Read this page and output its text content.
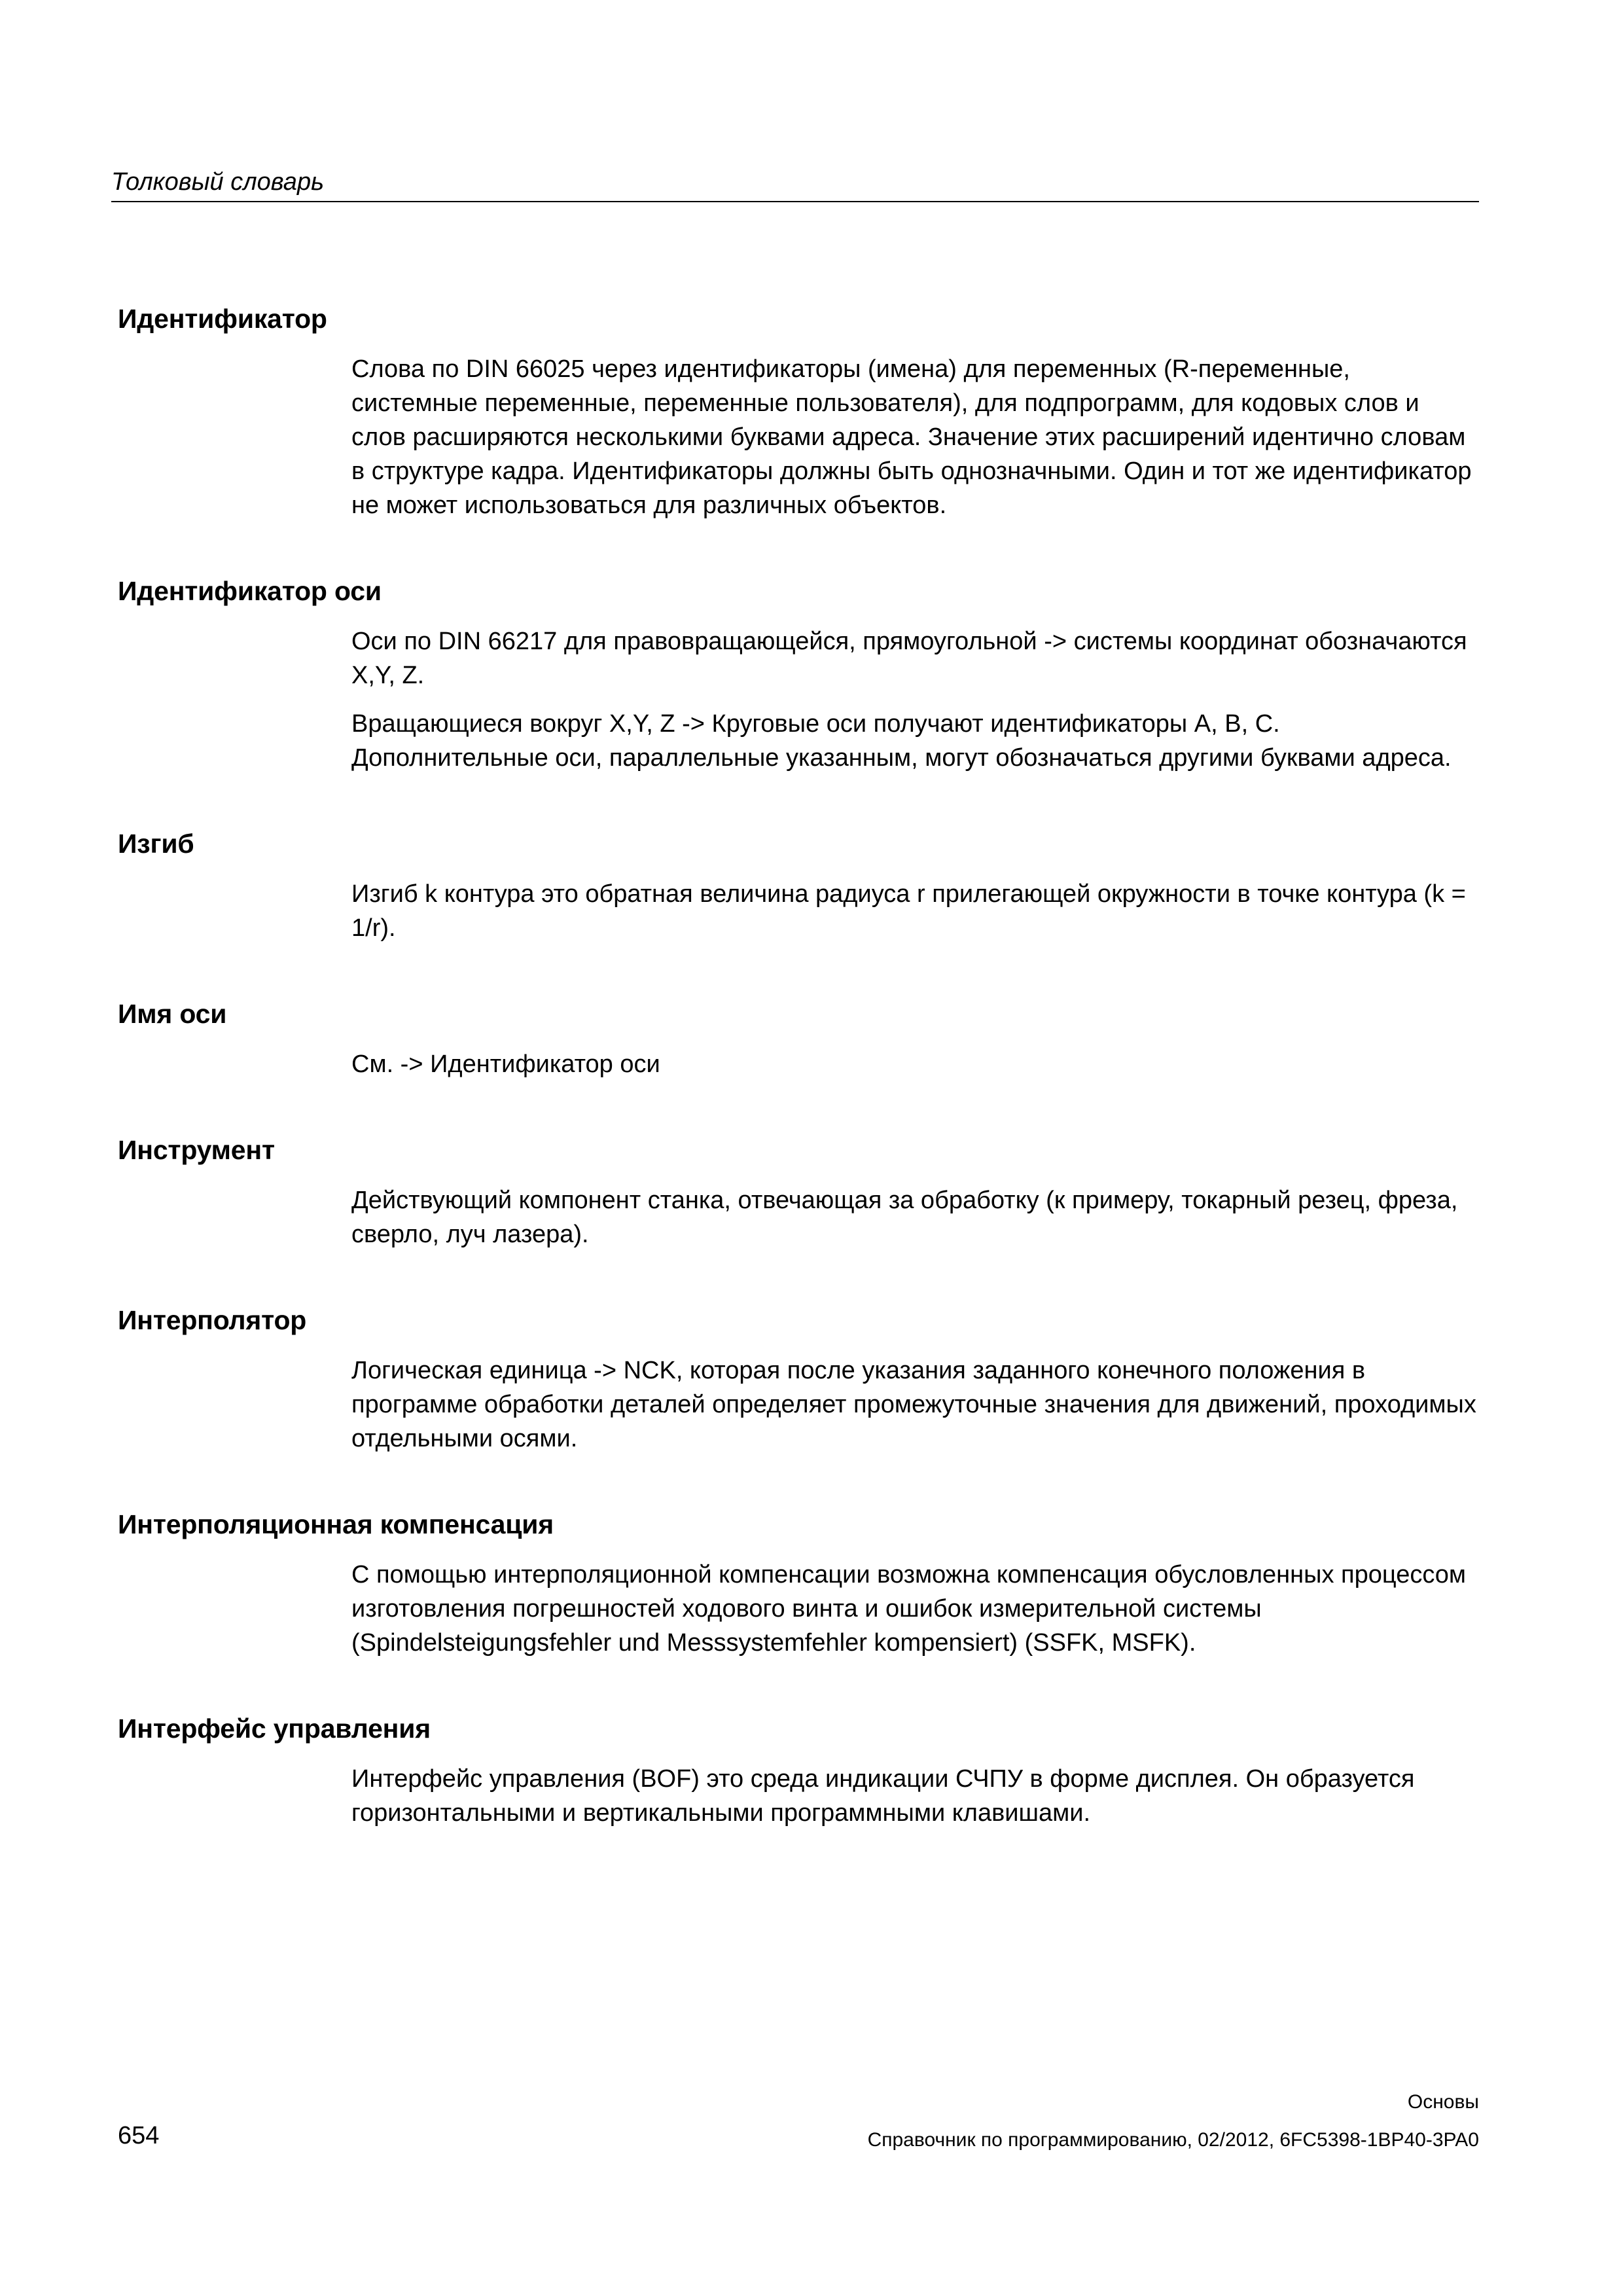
Толковый словарь
Идентификатор

Слова по DIN 66025 через идентификаторы (имена) для переменных (R-переменные, системные переменные, переменные пользователя), для подпрограмм, для кодовых слов и слов расширяются несколькими буквами адреса. Значение этих расширений идентично словам в структуре кадра. Идентификаторы должны быть однозначными. Один и тот же идентификатор не может использоваться для различных объектов.

Идентификатор оси

Оси по DIN 66217 для правовращающейся, прямоугольной -> системы координат обозначаются X,Y, Z.

Вращающиеся вокруг X,Y, Z -> Круговые оси получают идентификаторы A, B, C. Дополнительные оси, параллельные указанным, могут обозначаться другими буквами адреса.

Изгиб

Изгиб k контура это обратная величина радиуса r прилегающей окружности в точке контура (k = 1/r).

Имя оси

См. -> Идентификатор оси

Инструмент

Действующий компонент станка, отвечающая за обработку (к примеру, токарный резец, фреза, сверло, луч лазера).

Интерполятор

Логическая единица -> NCK, которая после указания заданного конечного положения в программе обработки деталей определяет промежуточные значения для движений, проходимых отдельными осями.

Интерполяционная компенсация

С помощью интерполяционной компенсации возможна компенсация обусловленных процессом изготовления погрешностей ходового винта и ошибок измерительной системы (Spindelsteigungsfehler und Messsystemfehler kompensiert) (SSFK, MSFK).

Интерфейс управления

Интерфейс управления (BOF) это среда индикации СЧПУ в форме дисплея. Он образуется горизонтальными и вертикальными программными клавишами.

Основы
654	Справочник по программированию, 02/2012, 6FC5398-1BP40-3PA0
